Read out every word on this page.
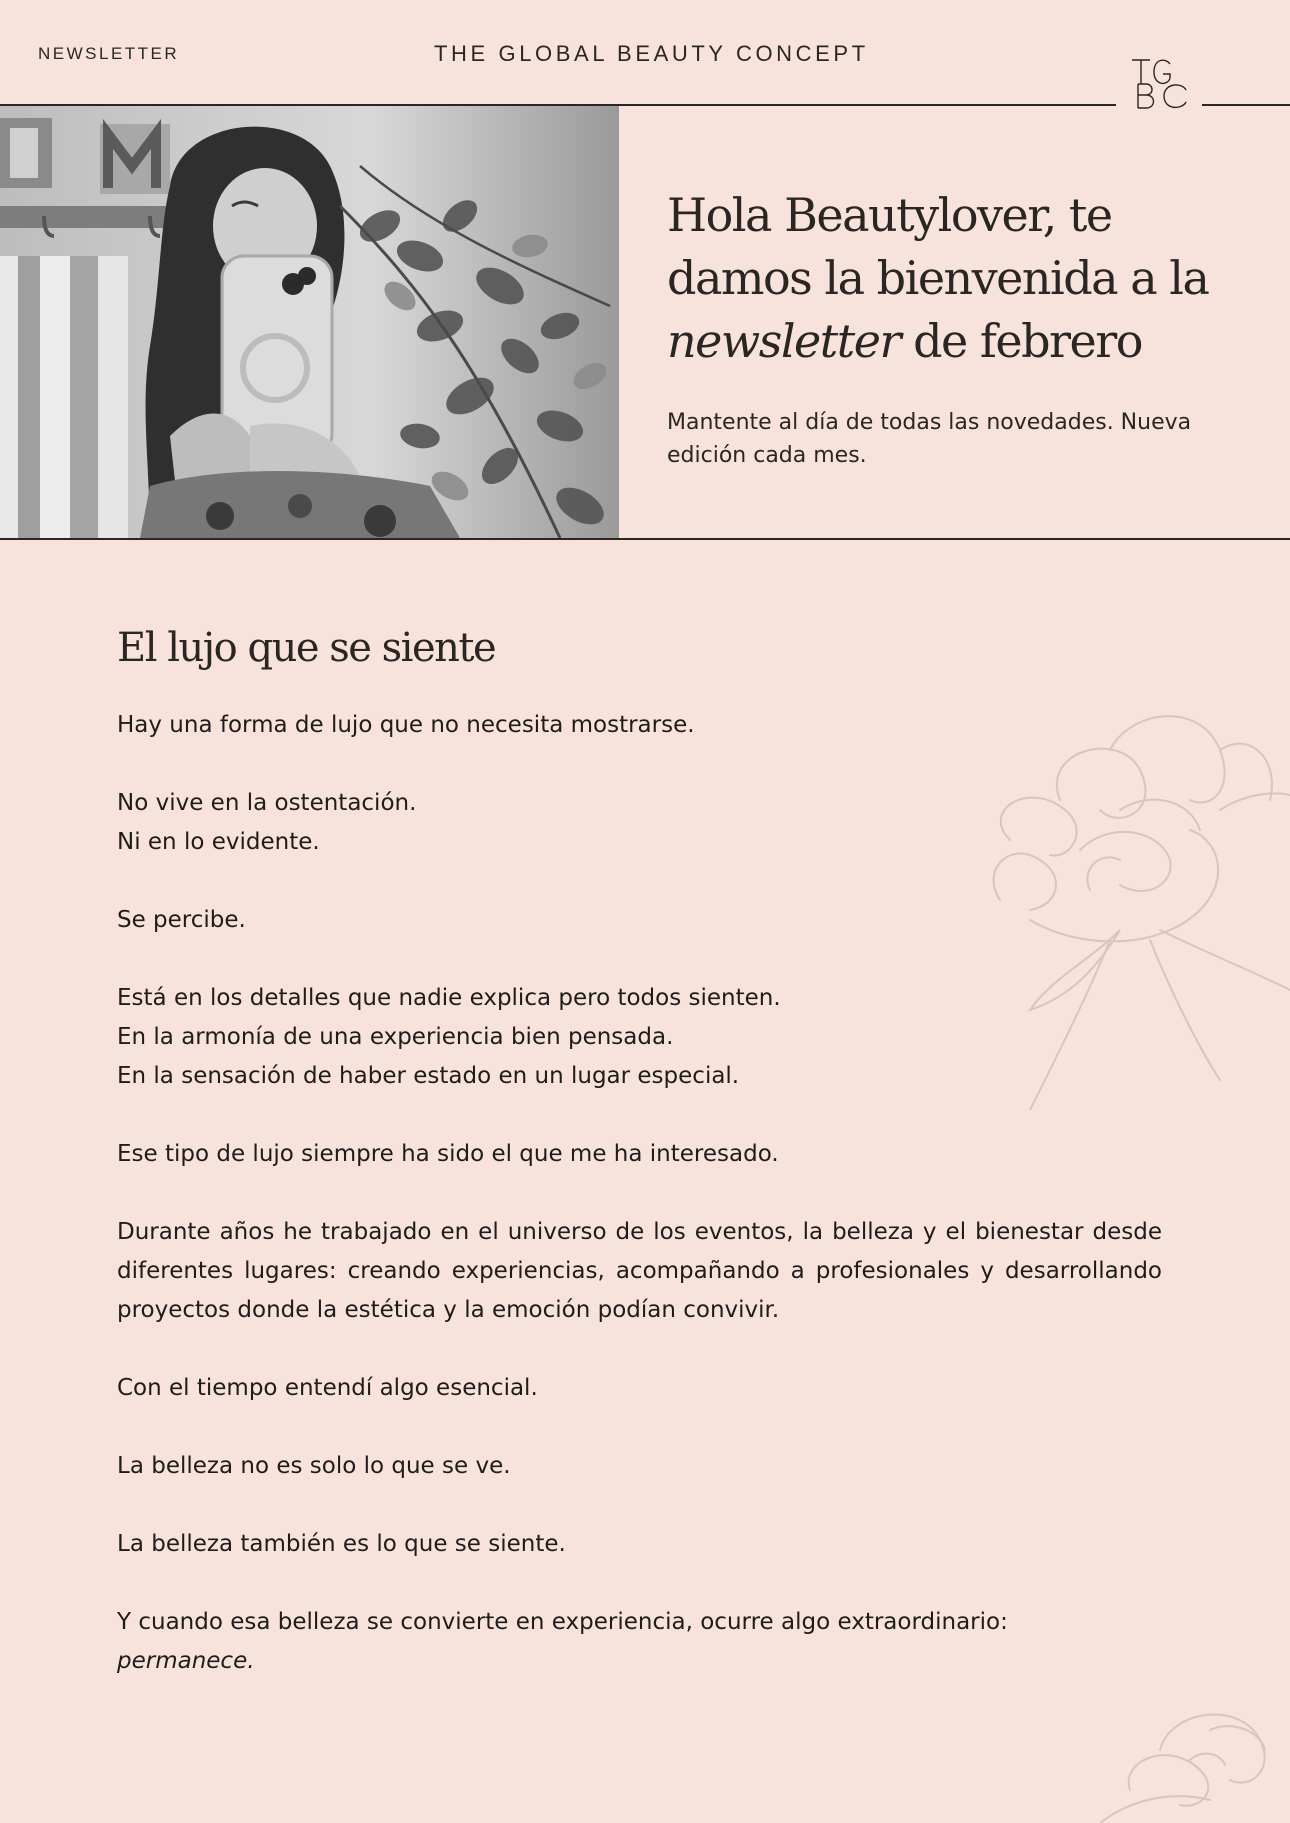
NEWSLETTER	THE GLOBAL BEAUTY CONCEPT
Hola Beautylover, te damos la bienvenida a la newsletter de febrero

Mantente al día de todas las novedades. Nueva edición cada mes.

El lujo que se siente

Hay una forma de lujo que no necesita mostrarse.

No vive en la ostentación.
Ni en lo evidente.

Se percibe.

Está en los detalles que nadie explica pero todos sienten.
En la armonía de una experiencia bien pensada.
En la sensación de haber estado en un lugar especial.

Ese tipo de lujo siempre ha sido el que me ha interesado.

Durante años he trabajado en el universo de los eventos, la belleza y el bienestar desde diferentes lugares: creando experiencias, acompañando a profesionales y desarrollando proyectos donde la estética y la emoción podían convivir.

Con el tiempo entendí algo esencial.

La belleza no es solo lo que se ve.

La belleza también es lo que se siente.

Y cuando esa belleza se convierte en experiencia, ocurre algo extraordinario:
permanece.
